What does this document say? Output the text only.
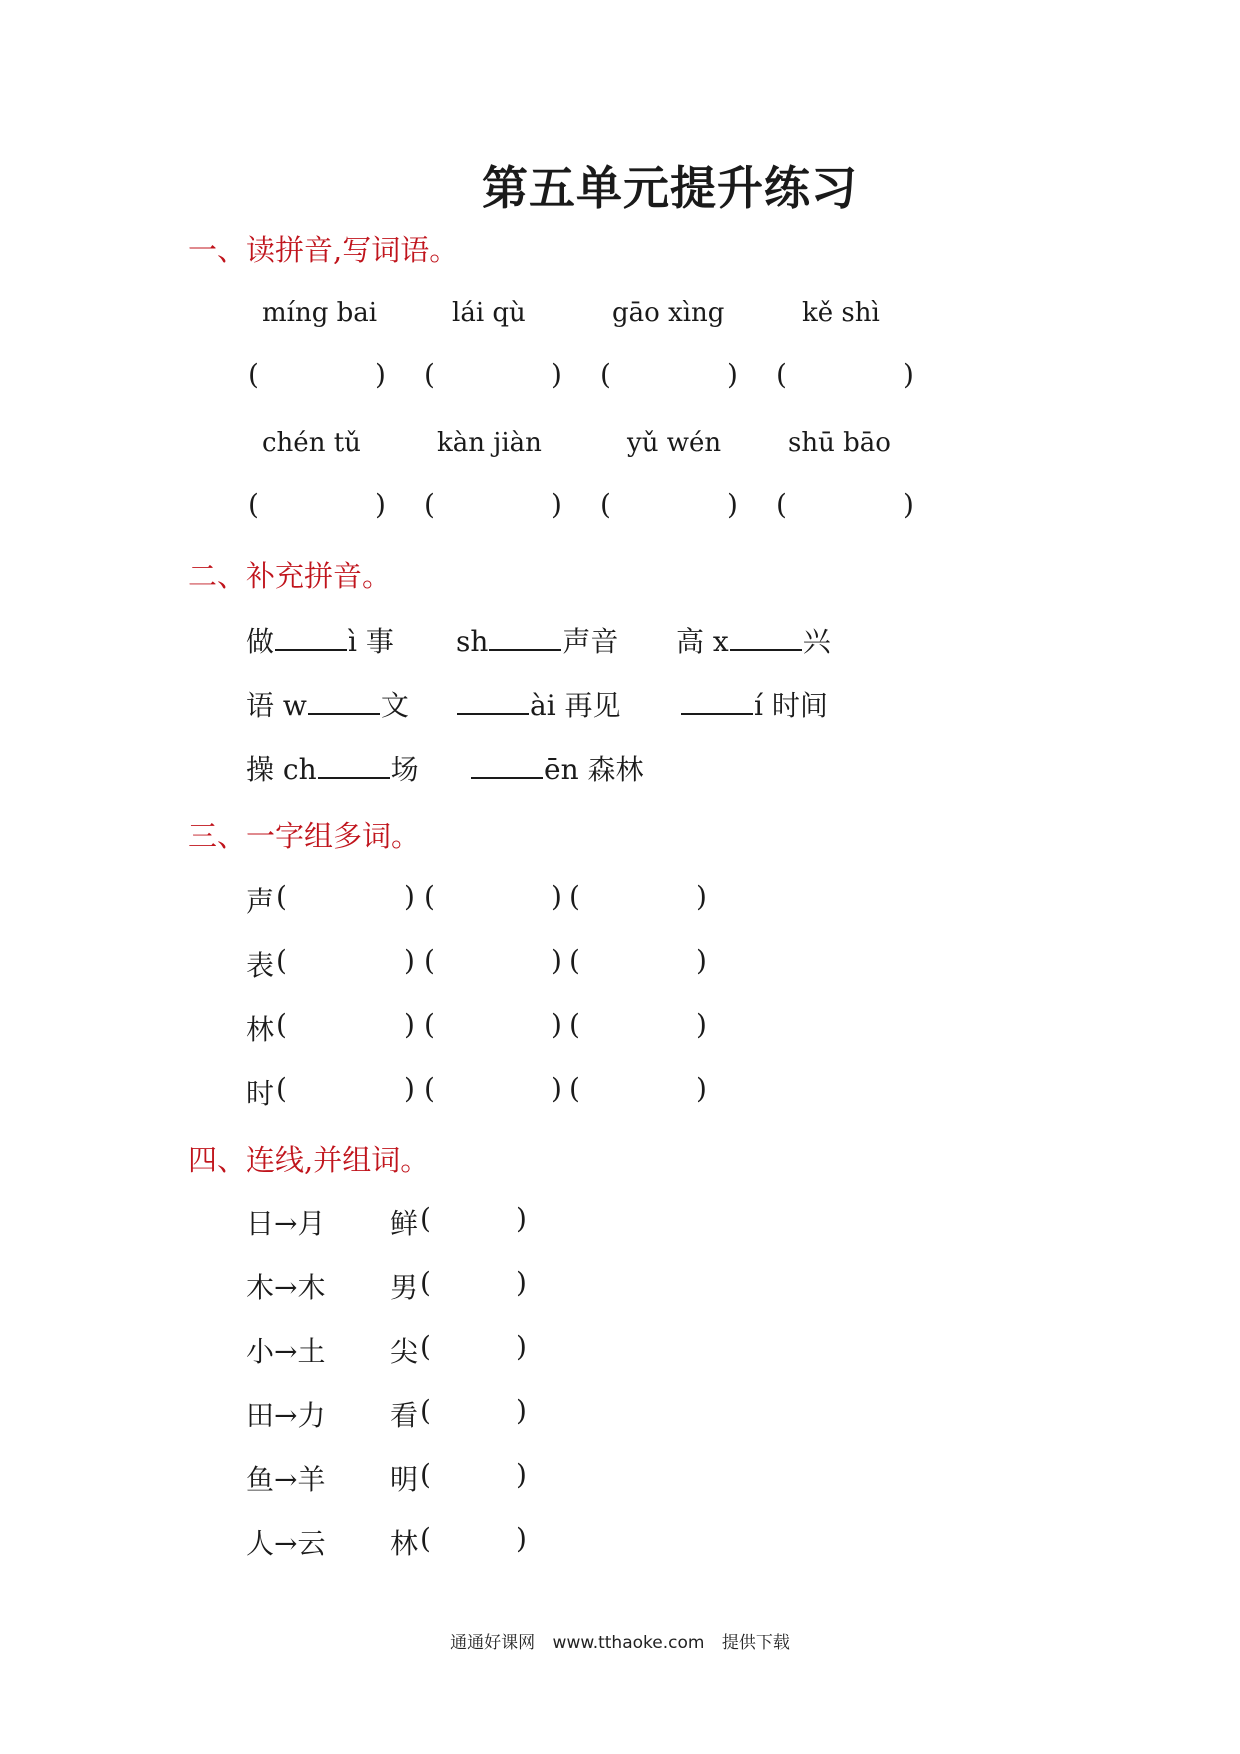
第五单元提升练习
一、读拼音,写词语。
míng bai	lái qù	gāo xìng	kě shì
(	) (	) (	) (	)
chén tǔ	kàn jiàn	yǔ wén	shū bāo
(	) (	) (	) (	)
二、补充拼音。
做	ì 事 sh	声音 高 x	兴
语 w	文	ài 再见	í 时间
操 ch	场	ēn 森林
三、一字组多词。
声 (	) (	) (	)
表 (	) (	) (	)
林 (	) (	) (	)
时 (	) (	) (	)
四、连线,并组词。
日→月 鲜 (	)
木→木 男 (	)
小→土 尖 (	)
田→力 看 (	)
鱼→羊 明 (	)
人→云 林 (	)
通通好课网 www.tthaoke.com 提供下载
